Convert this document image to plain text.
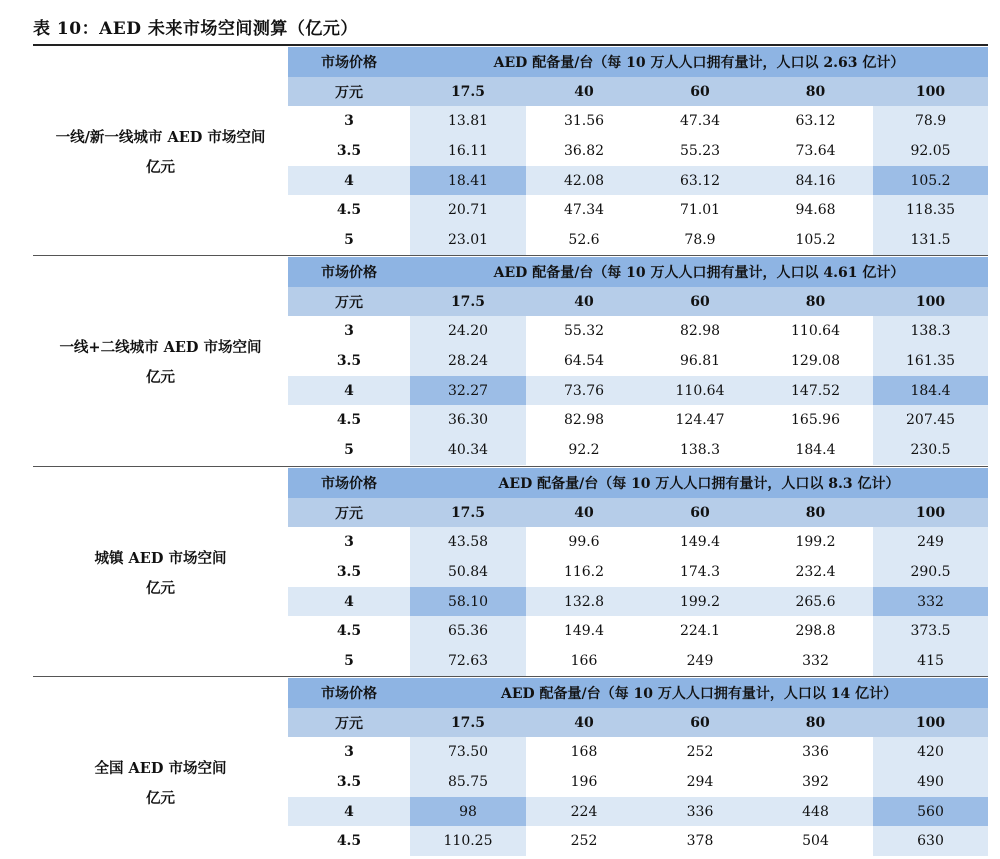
表 10：AED 未来市场空间测算（亿元）
一线/新一线城市 AED 市场空间
亿元
市场价格	AED 配备量/台（每 10 万人人口拥有量计，人口以 2.63 亿计）				
万元	17.5	40	60	80	100
3	13.81	31.56	47.34	63.12	78.9
3.5	16.11	36.82	55.23	73.64	92.05
4	18.41	42.08	63.12	84.16	105.2
4.5	20.71	47.34	71.01	94.68	118.35
5	23.01	52.6	78.9	105.2	131.5
一线+二线城市 AED 市场空间
亿元
市场价格	AED 配备量/台（每 10 万人人口拥有量计，人口以 4.61 亿计）				
万元	17.5	40	60	80	100
3	24.20	55.32	82.98	110.64	138.3
3.5	28.24	64.54	96.81	129.08	161.35
4	32.27	73.76	110.64	147.52	184.4
4.5	36.30	82.98	124.47	165.96	207.45
5	40.34	92.2	138.3	184.4	230.5
城镇 AED 市场空间
亿元
市场价格	AED 配备量/台（每 10 万人人口拥有量计，人口以 8.3 亿计）				
万元	17.5	40	60	80	100
3	43.58	99.6	149.4	199.2	249
3.5	50.84	116.2	174.3	232.4	290.5
4	58.10	132.8	199.2	265.6	332
4.5	65.36	149.4	224.1	298.8	373.5
5	72.63	166	249	332	415
全国 AED 市场空间
亿元
市场价格	AED 配备量/台（每 10 万人人口拥有量计，人口以 14 亿计）				
万元	17.5	40	60	80	100
3	73.50	168	252	336	420
3.5	85.75	196	294	392	490
4	98	224	336	448	560
4.5	110.25	252	378	504	630
